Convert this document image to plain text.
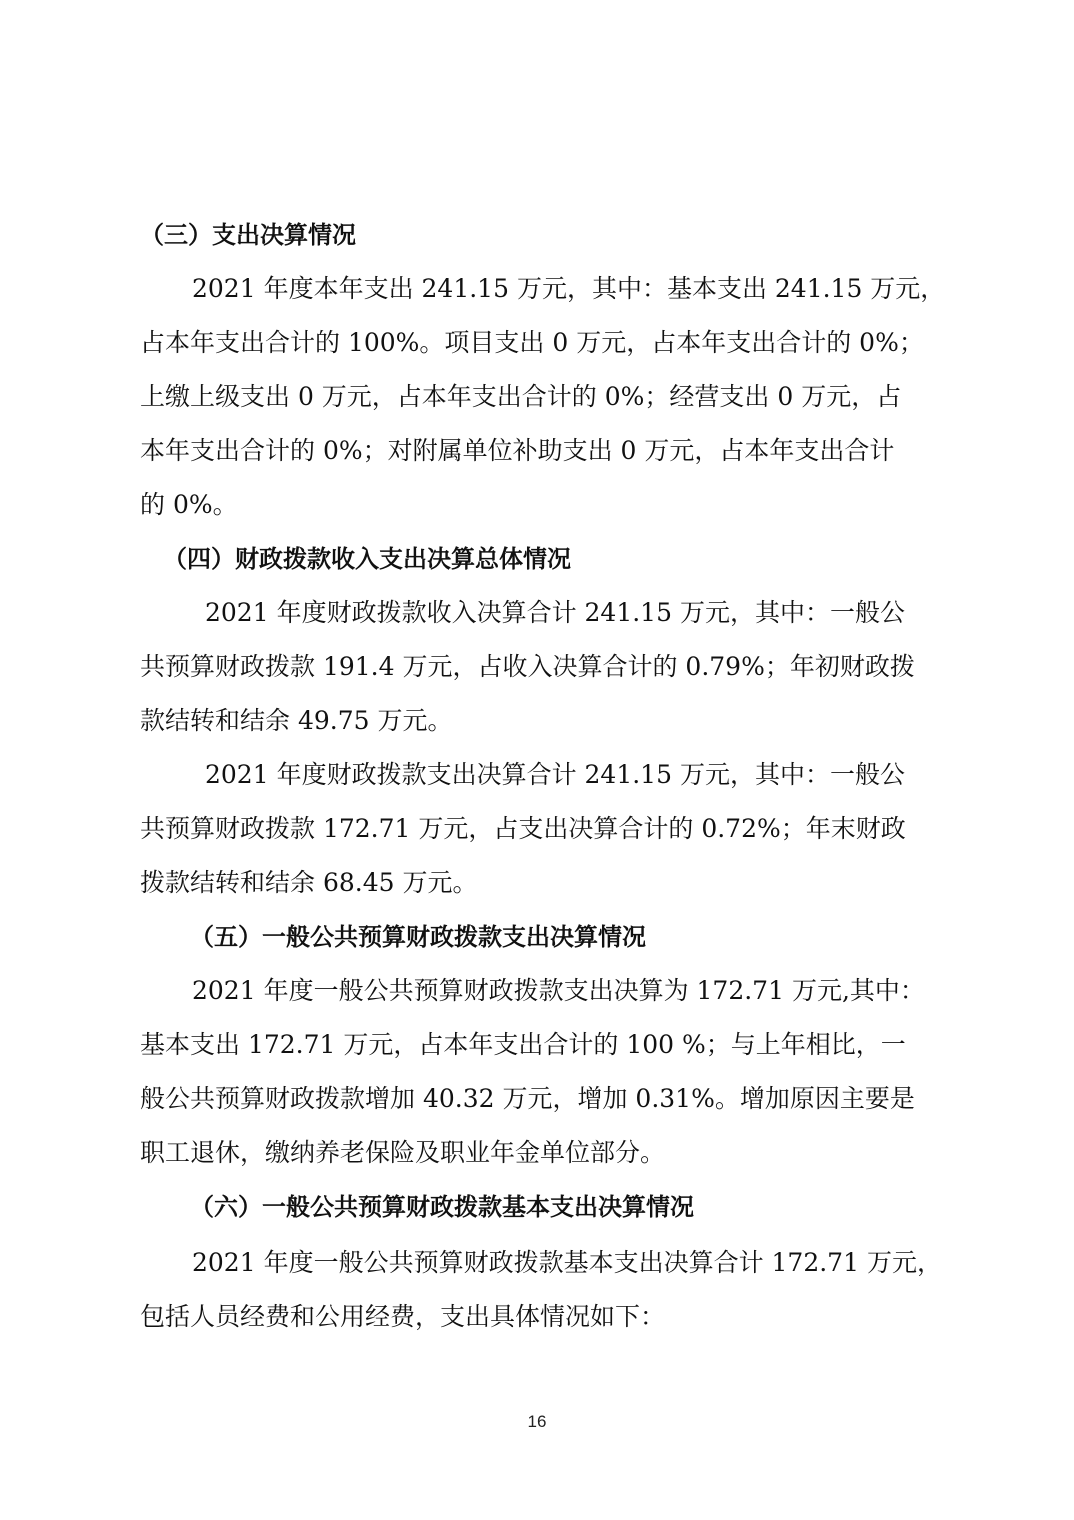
（三）支出决算情况
2021 年度本年支出 241.15 万元，其中：基本支出 241.15 万元，
占本年支出合计的 100%。项目支出 0 万元，占本年支出合计的 0%；
上缴上级支出 0 万元，占本年支出合计的 0%；经营支出 0 万元，占
本年支出合计的 0%；对附属单位补助支出 0 万元，占本年支出合计
的 0%。
（四）财政拨款收入支出决算总体情况
2021 年度财政拨款收入决算合计 241.15 万元，其中：一般公
共预算财政拨款 191.4 万元，占收入决算合计的 0.79%；年初财政拨
款结转和结余 49.75 万元。
2021 年度财政拨款支出决算合计 241.15 万元，其中：一般公
共预算财政拨款 172.71 万元，占支出决算合计的 0.72%；年末财政
拨款结转和结余 68.45 万元。
（五）一般公共预算财政拨款支出决算情况
2021 年度一般公共预算财政拨款支出决算为 172.71 万元,其中：
基本支出 172.71 万元，占本年支出合计的 100 %；与上年相比，一
般公共预算财政拨款增加 40.32 万元，增加 0.31%。增加原因主要是
职工退休，缴纳养老保险及职业年金单位部分。
（六）一般公共预算财政拨款基本支出决算情况
2021 年度一般公共预算财政拨款基本支出决算合计 172.71 万元，
包括人员经费和公用经费，支出具体情况如下：
16
